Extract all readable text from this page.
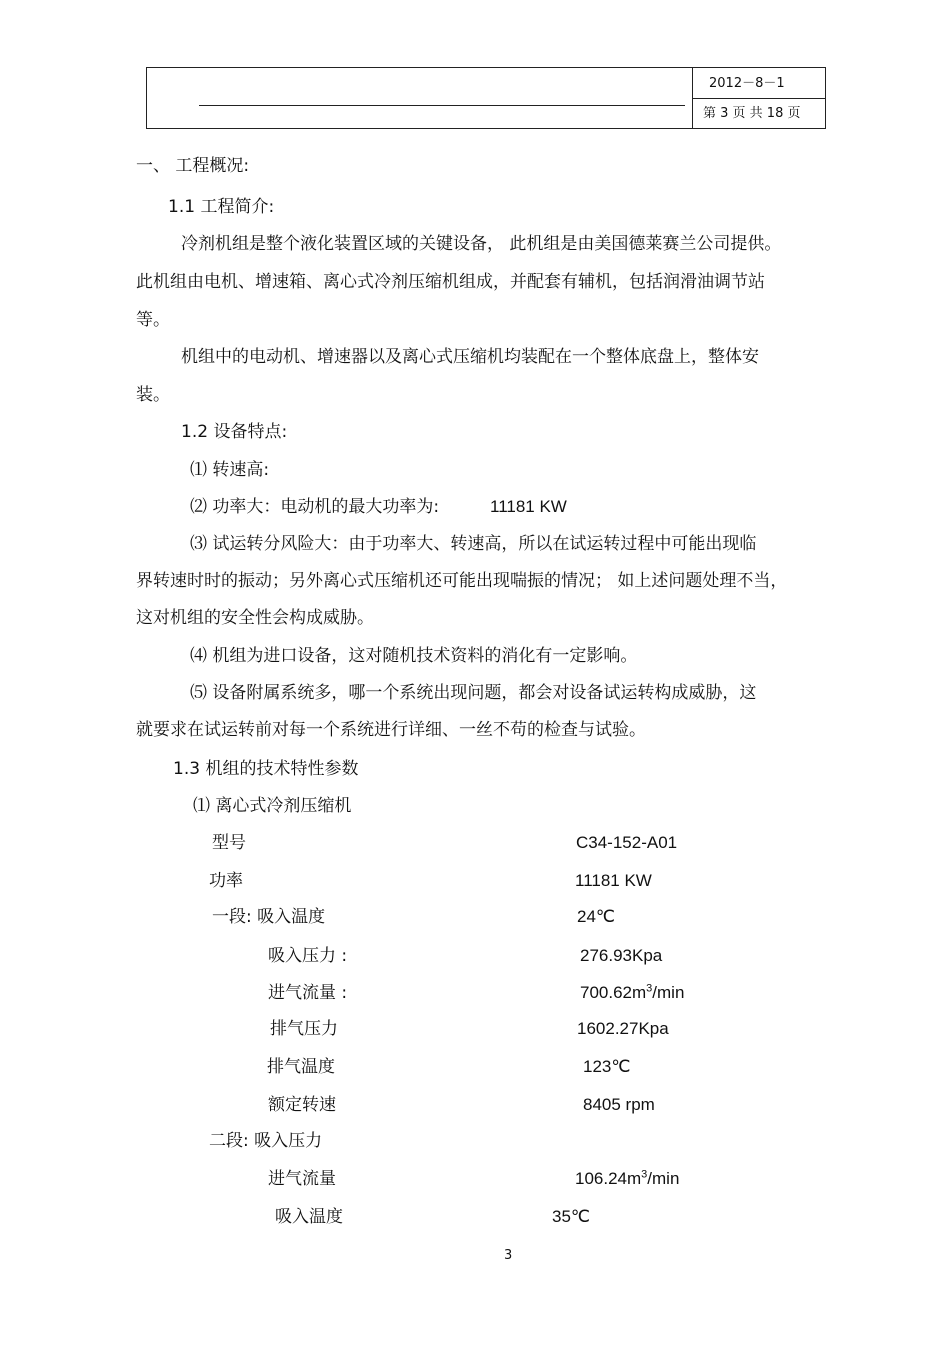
2012－8－1
第 3 页 共 18 页
一、 工程概况:
1.1 工程简介:
冷剂机组是整个液化装置区域的关键设备， 此机组是由美国德莱赛兰公司提供。
此机组由电机、增速箱、离心式冷剂压缩机组成，并配套有辅机，包括润滑油调节站
等。
机组中的电动机、增速器以及离心式压缩机均装配在一个整体底盘上，整体安
装。
1.2 设备特点:
⑴ 转速高:
⑵ 功率大：电动机的最大功率为:	11181 KW
⑶ 试运转分风险大：由于功率大、转速高，所以在试运转过程中可能出现临
界转速时时的振动；另外离心式压缩机还可能出现喘振的情况； 如上述问题处理不当，
这对机组的安全性会构成威胁。
⑷ 机组为进口设备，这对随机技术资料的消化有一定影响。
⑸ 设备附属系统多，哪一个系统出现问题，都会对设备试运转构成威胁，这
就要求在试运转前对每一个系统进行详细、一丝不苟的检查与试验。
1.3 机组的技术特性参数
⑴ 离心式冷剂压缩机
型号	C34-152-A01
功率	11181 KW
一段: 吸入温度	24℃
吸入压力 :	276.93Kpa
进气流量 :	$700.62m^3/\min$
排气压力	1602.27Kpa
排气温度	123℃
额定转速	8405 rpm
二段: 吸入压力
进气流量	$106.24m^3/\min$
吸入温度	35℃
3
